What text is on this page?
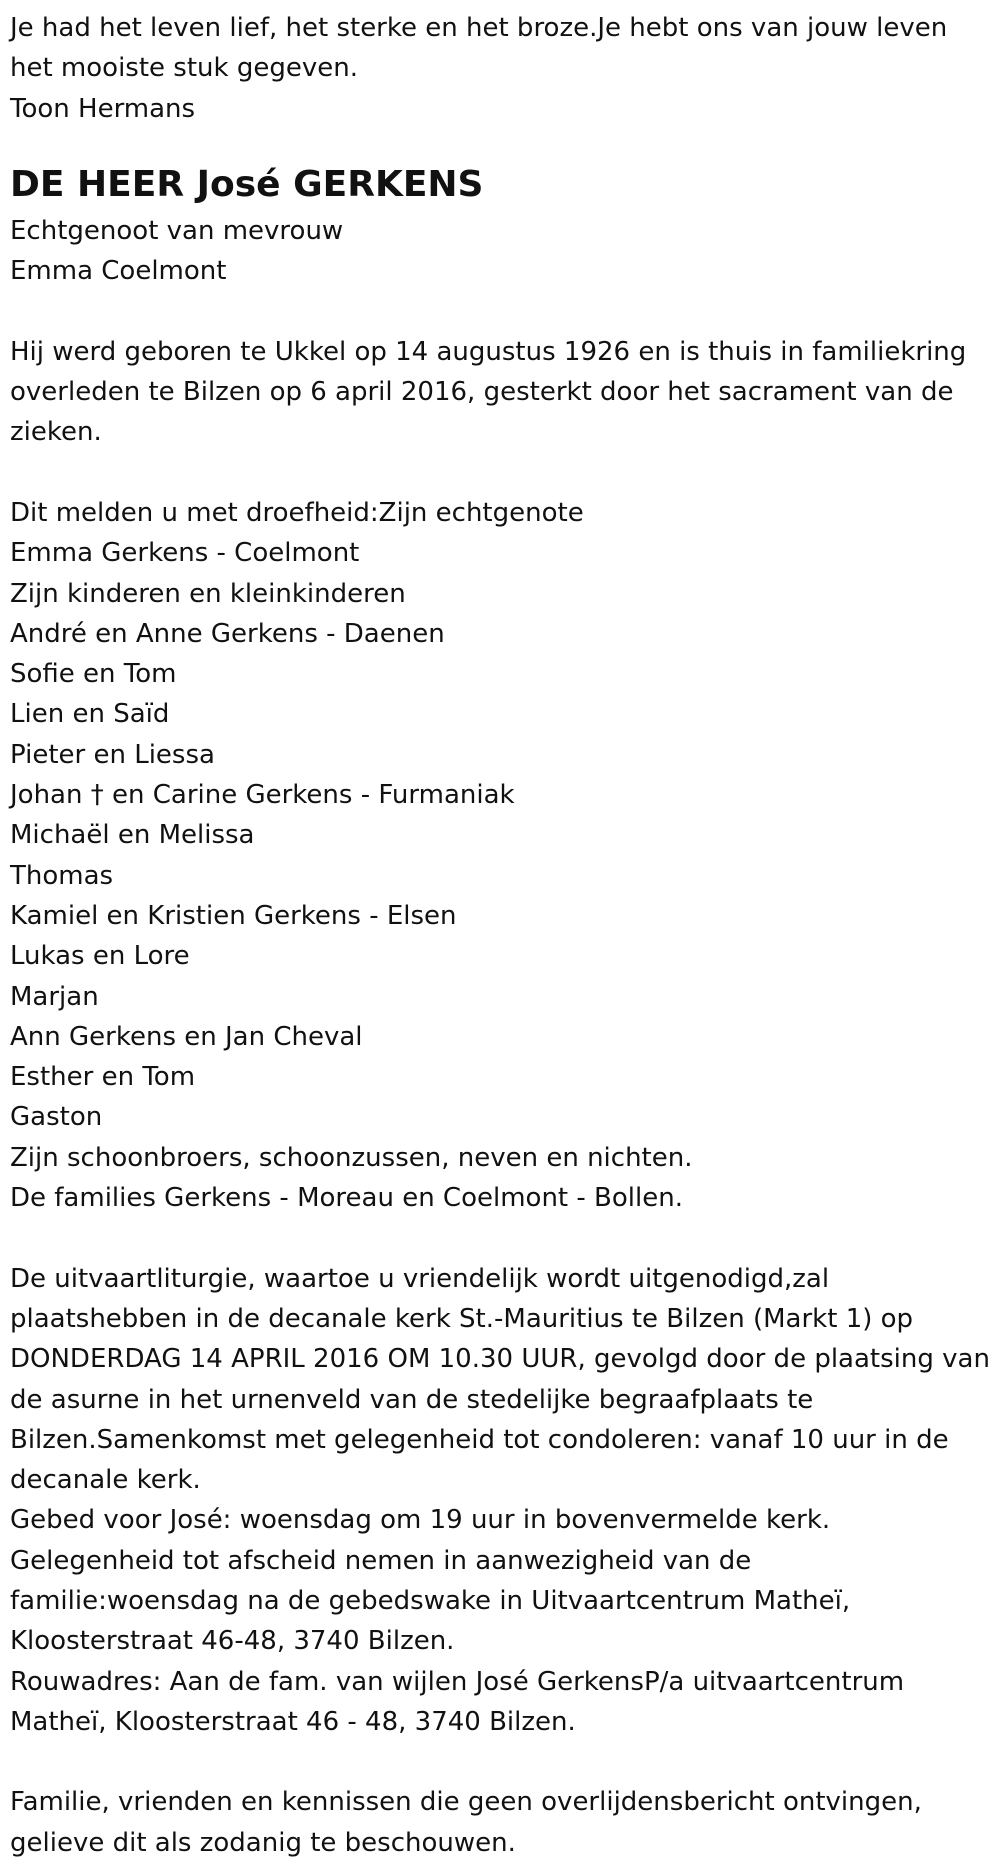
Je had het leven lief, het sterke en het broze.Je hebt ons van jouw leven
het mooiste stuk gegeven.
Toon Hermans
DE HEER José GERKENS
Echtgenoot van mevrouw
Emma Coelmont
Hij werd geboren te Ukkel op 14 augustus 1926 en is thuis in familiekring
overleden te Bilzen op 6 april 2016, gesterkt door het sacrament van de
zieken.
Dit melden u met droefheid:Zijn echtgenote
Emma Gerkens - Coelmont
Zijn kinderen en kleinkinderen
André en Anne Gerkens - Daenen
Sofie en Tom
Lien en Saïd
Pieter en Liessa
Johan † en Carine Gerkens - Furmaniak
Michaël en Melissa
Thomas
Kamiel en Kristien Gerkens - Elsen
Lukas en Lore
Marjan
Ann Gerkens en Jan Cheval
Esther en Tom
Gaston
Zijn schoonbroers, schoonzussen, neven en nichten.
De families Gerkens - Moreau en Coelmont - Bollen.
De uitvaartliturgie, waartoe u vriendelijk wordt uitgenodigd,zal
plaatshebben in de decanale kerk St.-Mauritius te Bilzen (Markt 1) op
DONDERDAG 14 APRIL 2016 OM 10.30 UUR, gevolgd door de plaatsing van
de asurne in het urnenveld van de stedelijke begraafplaats te
Bilzen.Samenkomst met gelegenheid tot condoleren: vanaf 10 uur in de
decanale kerk.
Gebed voor José: woensdag om 19 uur in bovenvermelde kerk.
Gelegenheid tot afscheid nemen in aanwezigheid van de
familie:woensdag na de gebedswake in Uitvaartcentrum Matheï,
Kloosterstraat 46-48, 3740 Bilzen.
Rouwadres: Aan de fam. van wijlen José GerkensP/a uitvaartcentrum
Matheï, Kloosterstraat 46 - 48, 3740 Bilzen.
Familie, vrienden en kennissen die geen overlijdensbericht ontvingen,
gelieve dit als zodanig te beschouwen.
